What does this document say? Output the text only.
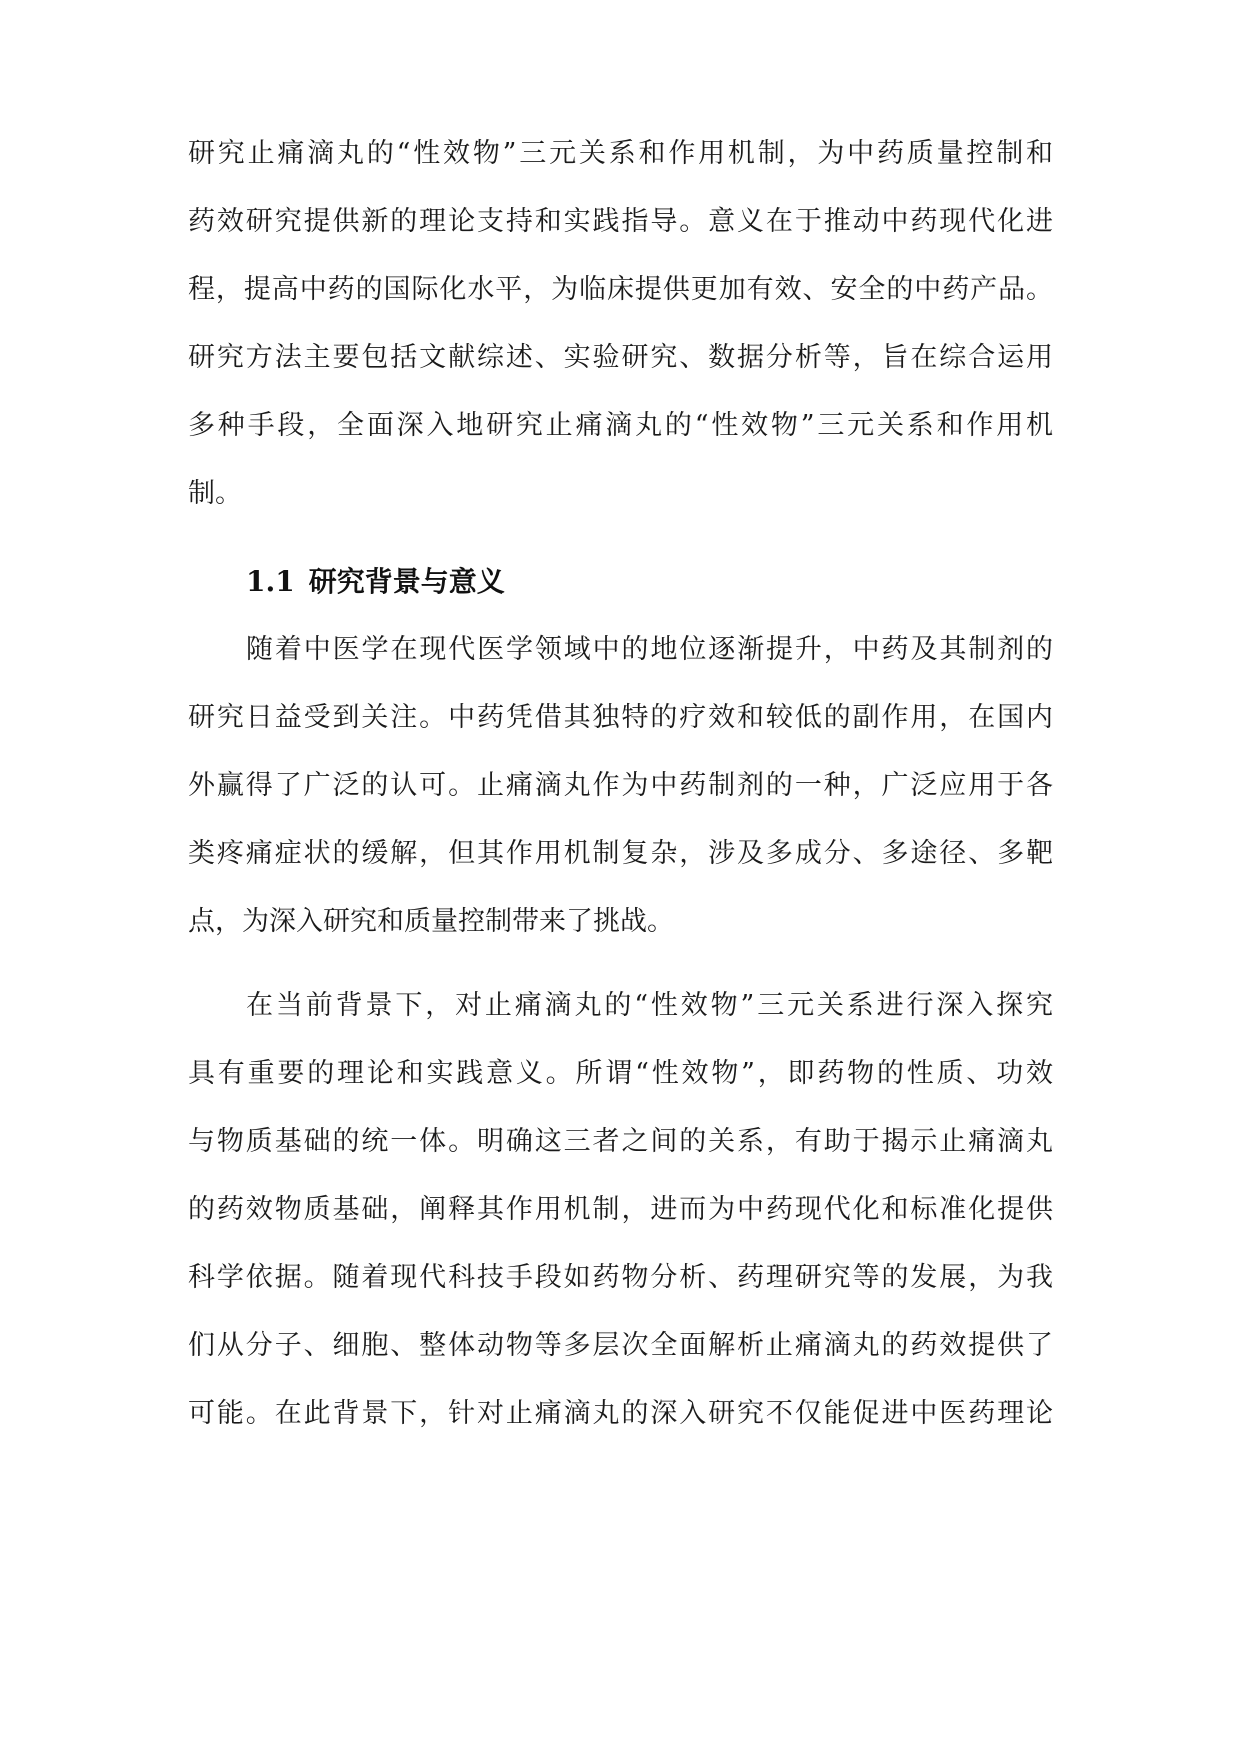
研究止痛滴丸的“性效物”三元关系和作用机制，为中药质量控制和

药效研究提供新的理论支持和实践指导。意义在于推动中药现代化进

程，提高中药的国际化水平，为临床提供更加有效、安全的中药产品。

研究方法主要包括文献综述、实验研究、数据分析等，旨在综合运用

多种手段，全面深入地研究止痛滴丸的“性效物”三元关系和作用机

制。

1.1 研究背景与意义

随着中医学在现代医学领域中的地位逐渐提升，中药及其制剂的

研究日益受到关注。中药凭借其独特的疗效和较低的副作用，在国内

外赢得了广泛的认可。止痛滴丸作为中药制剂的一种，广泛应用于各

类疼痛症状的缓解，但其作用机制复杂，涉及多成分、多途径、多靶

点，为深入研究和质量控制带来了挑战。

在当前背景下，对止痛滴丸的“性效物”三元关系进行深入探究

具有重要的理论和实践意义。所谓“性效物”，即药物的性质、功效

与物质基础的统一体。明确这三者之间的关系，有助于揭示止痛滴丸

的药效物质基础，阐释其作用机制，进而为中药现代化和标准化提供

科学依据。随着现代科技手段如药物分析、药理研究等的发展，为我

们从分子、细胞、整体动物等多层次全面解析止痛滴丸的药效提供了

可能。在此背景下，针对止痛滴丸的深入研究不仅能促进中医药理论
